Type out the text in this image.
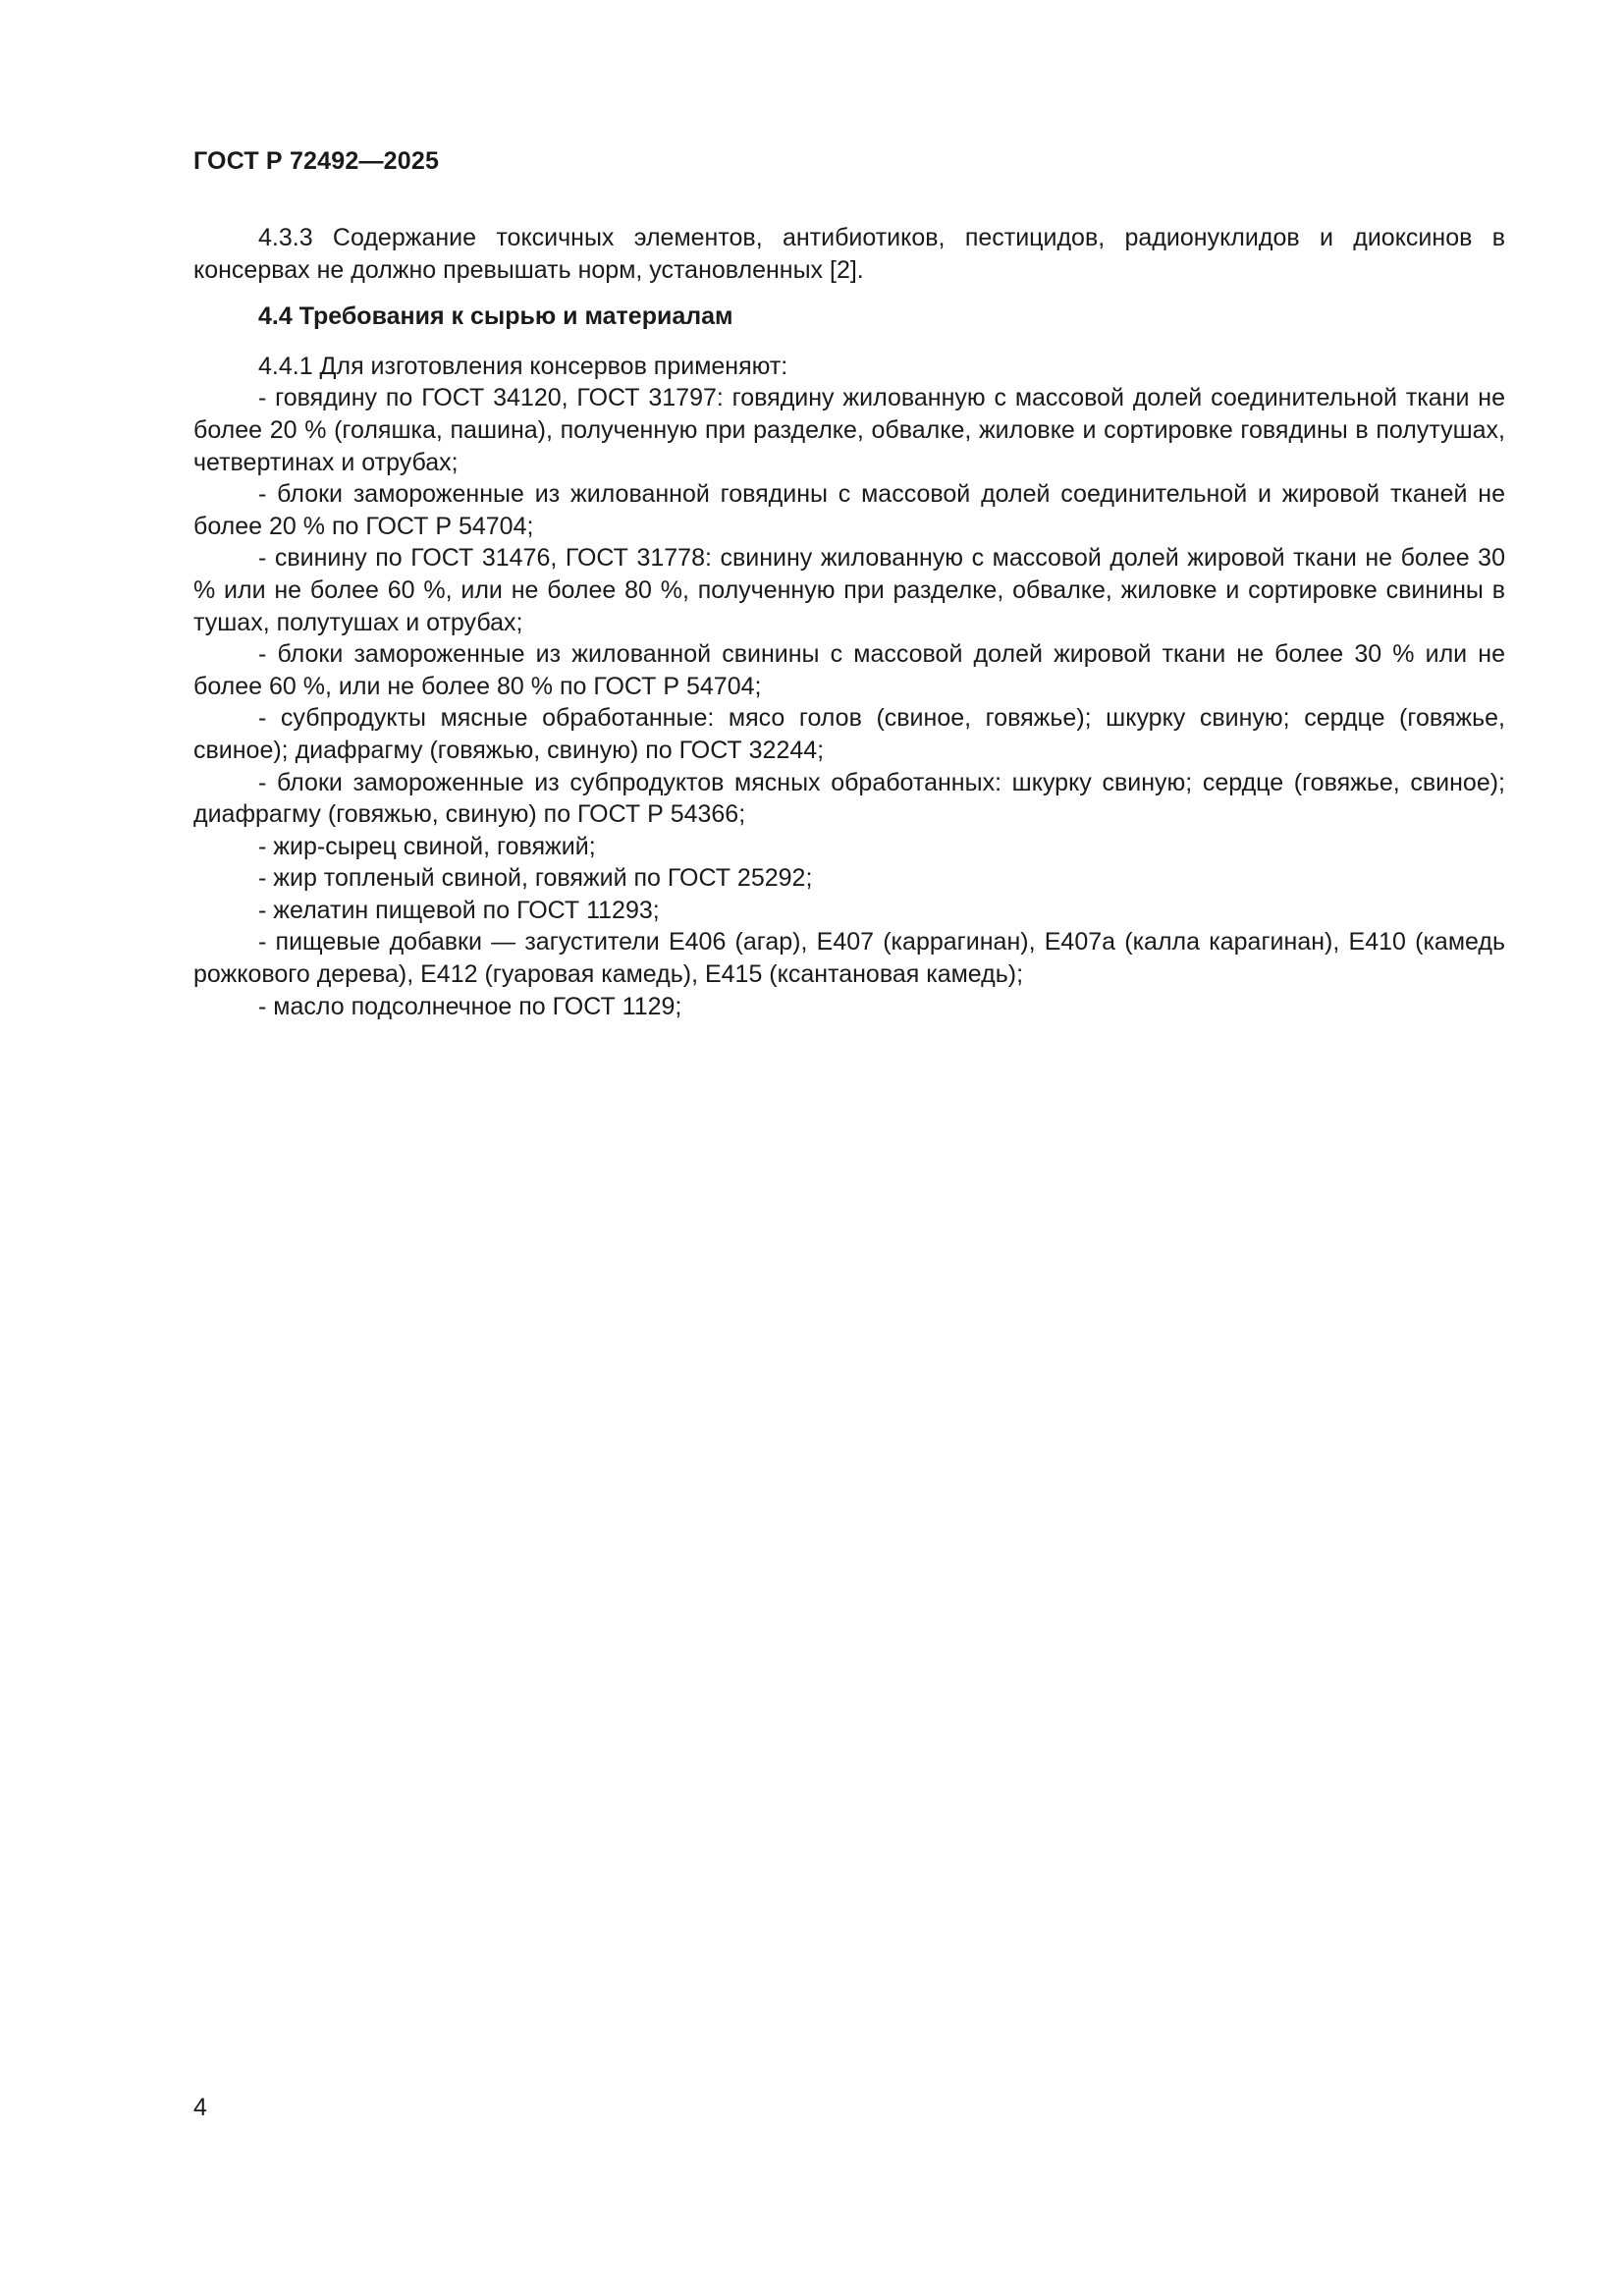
ГОСТ Р 72492—2025

4.3.3 Содержание токсичных элементов, антибиотиков, пестицидов, радионуклидов и диоксинов в консервах не должно превышать норм, установленных [2].

4.4 Требования к сырью и материалам

4.4.1 Для изготовления консервов применяют:

- говядину по ГОСТ 34120, ГОСТ 31797: говядину жилованную с массовой долей соединительной ткани не более 20 % (голяшка, пашина), полученную при разделке, обвалке, жиловке и сортировке говядины в полутушах, четвертинах и отрубах;
- блоки замороженные из жилованной говядины с массовой долей соединительной и жировой тканей не более 20 % по ГОСТ Р 54704;
- свинину по ГОСТ 31476, ГОСТ 31778: свинину жилованную с массовой долей жировой ткани не более 30 % или не более 60 %, или не более 80 %, полученную при разделке, обвалке, жиловке и сортировке свинины в тушах, полутушах и отрубах;
- блоки замороженные из жилованной свинины с массовой долей жировой ткани не более 30 % или не более 60 %, или не более 80 % по ГОСТ Р 54704;
- субпродукты мясные обработанные: мясо голов (свиное, говяжье); шкурку свиную; сердце (говяжье, свиное); диафрагму (говяжью, свиную) по ГОСТ 32244;
- блоки замороженные из субпродуктов мясных обработанных: шкурку свиную; сердце (говяжье, свиное); диафрагму (говяжью, свиную) по ГОСТ Р 54366;
- жир-сырец свиной, говяжий;
- жир топленый свиной, говяжий по ГОСТ 25292;
- желатин пищевой по ГОСТ 11293;
- пищевые добавки — загустители Е406 (агар), Е407 (каррагинан), Е407а (калла карагинан), Е410 (камедь рожкового дерева), Е412 (гуаровая камедь), Е415 (ксантановая камедь);
- масло подсолнечное по ГОСТ 1129;
4
